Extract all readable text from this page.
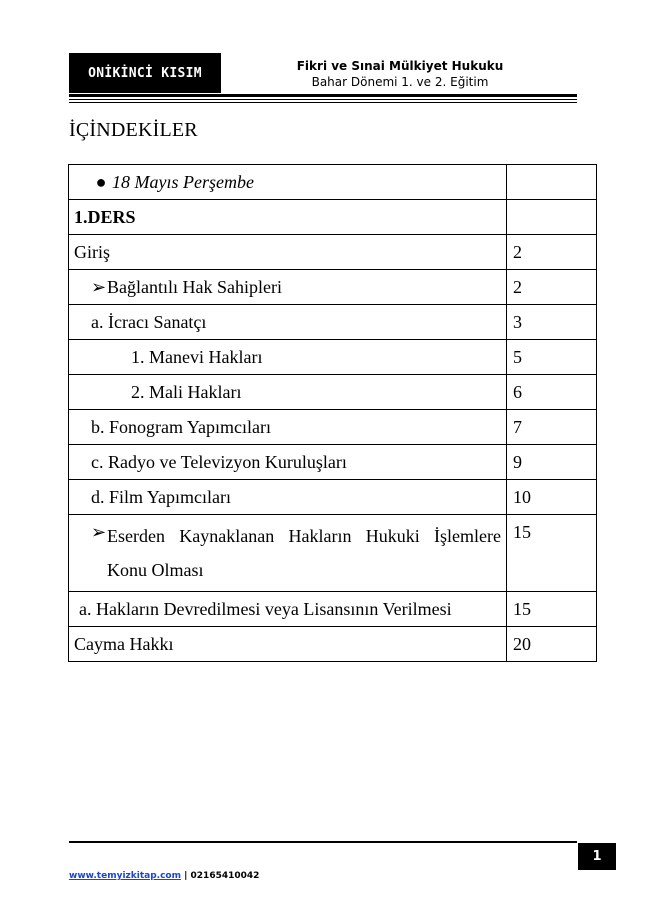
ONİKİNCİ KISIM	Fikri ve Sınai Mülkiyet Hukuku
Bahar Dönemi 1. ve 2. Eğitim
İÇİNDEKİLER
● 18 Mayıs Perşembe	
1.DERS	
Giriş	2
➢Bağlantılı Hak Sahipleri	2
a. İcracı Sanatçı	3
1. Manevi Hakları	5
2. Mali Hakları	6
b. Fonogram Yapımcıları	7
c. Radyo ve Televizyon Kuruluşları	9
d. Film Yapımcıları	10

➢ Eserden Kaynaklanan Hakların Hukuki İşlemlere Konu Olması	15
a. Hakların Devredilmesi veya Lisansının Verilmesi	15
Cayma Hakkı	20
1
www.temyizkitap.com | 02165410042
